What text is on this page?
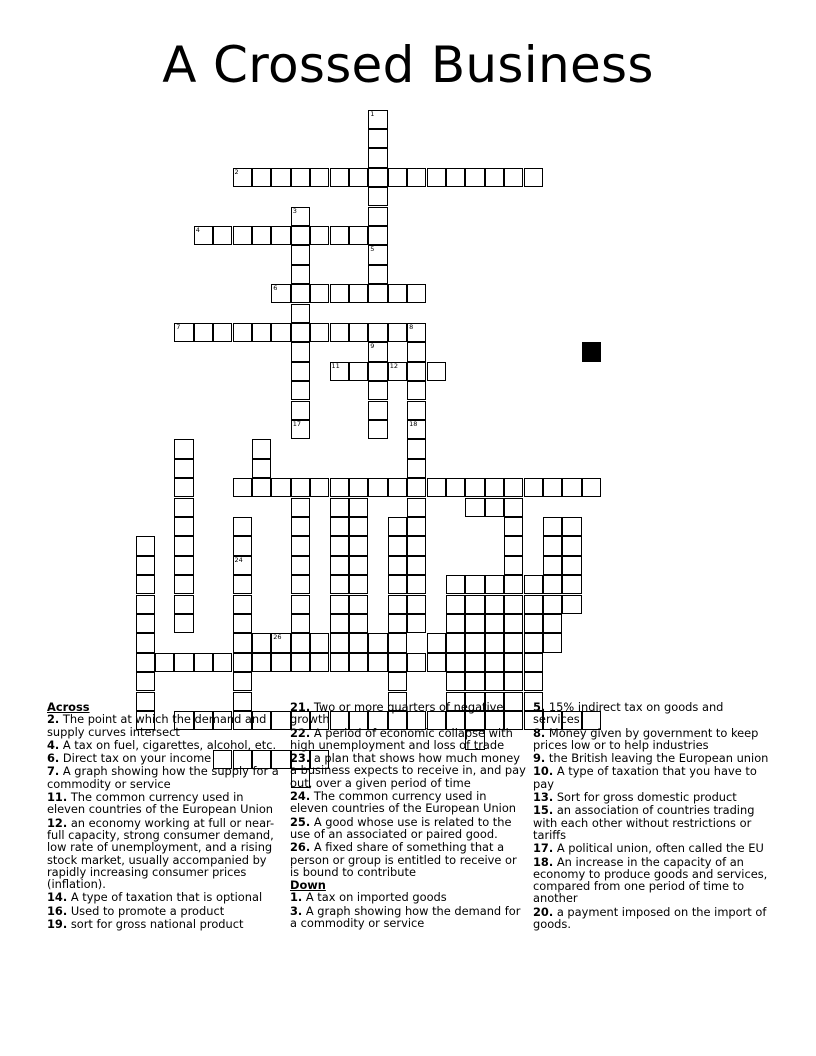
A Crossed Business
1
2
3
4
5
6
7	8
18
9
17
11	12
24
26
Across
2. The point at which the demand and supply curves intersect
4. A tax on fuel, cigarettes, alcohol, etc.
6. Direct tax on your income
7. A graph showing how the supply for a commodity or service
11. The common currency used in eleven countries of the European Union
12. an economy working at full or near-full capacity, strong consumer demand, low rate of unemployment, and a rising stock market, usually accompanied by rapidly increasing consumer prices (inflation).
14. A type of taxation that is optional
16. Used to promote a product
19. sort for gross national product
21. Two or more quarters of negative growth
22. A period of economic collapse with high unemployment and loss of trade
23. a plan that shows how much money a business expects to receive in, and pay out, over a given period of time
24. The common currency used in eleven countries of the European Union
25. A good whose use is related to the use of an associated or paired good.
26. A fixed share of something that a person or group is entitled to receive or is bound to contribute
Down
1. A tax on imported goods
3. A graph showing how the demand for a commodity or service
5. 15% indirect tax on goods and services
8. Money given by government to keep prices low or to help industries
9. the British leaving the European union
10. A type of taxation that you have to pay
13. Sort for gross domestic product
15. an association of countries trading with each other without restrictions or tariffs
17. A political union, often called the EU
18. An increase in the capacity of an economy to produce goods and services, compared from one period of time to another
20. a payment imposed on the import of goods.
